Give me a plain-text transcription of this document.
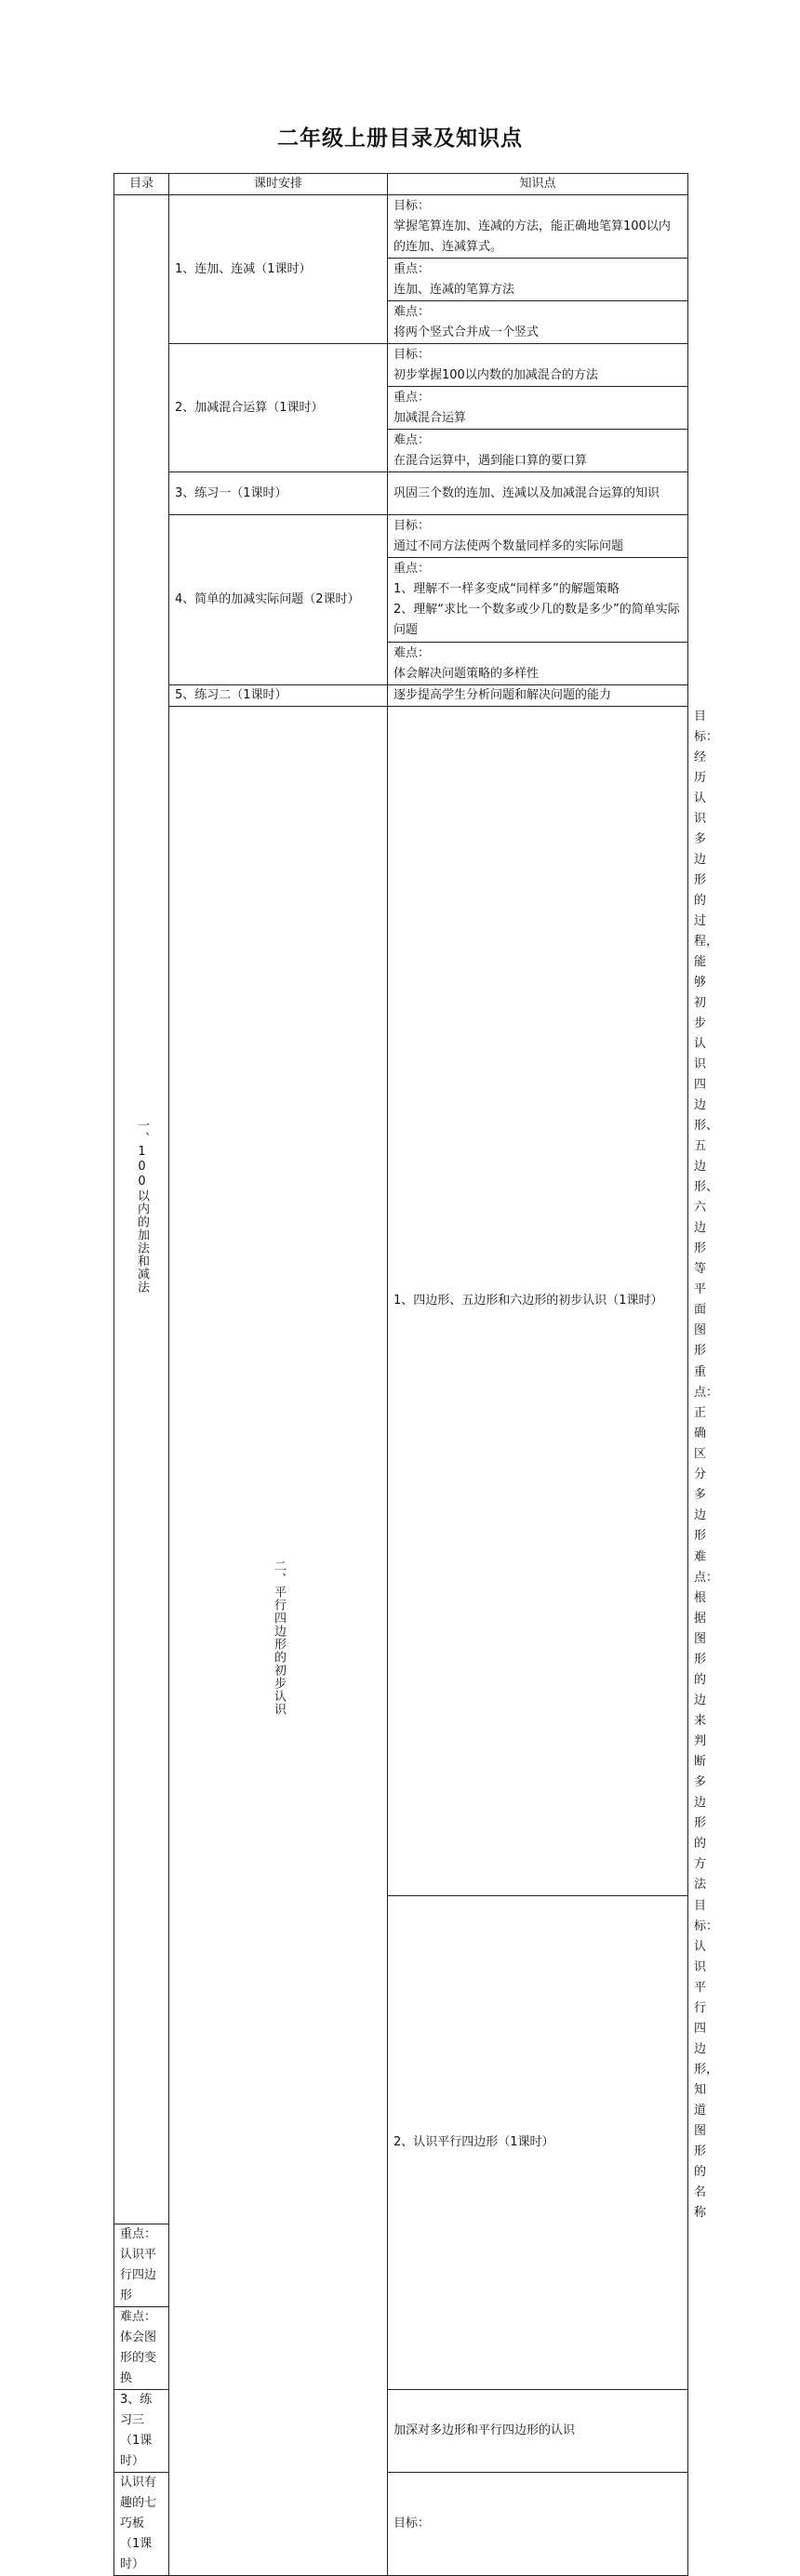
二年级上册目录及知识点
目录	课时安排	知识点	
一、100以内的加法和减法	1、连加、连减（1课时）	目标：
掌握笔算连加、连减的方法，能正确地笔算100以内的连加、连减算式。	

		重点：
连加、连减的笔算方法	

		难点：
将两个竖式合并成一个竖式	

	2、加减混合运算（1课时）	目标：
初步掌握100以内数的加减混合的方法	

		重点：
加减混合运算	

		难点：
在混合运算中，遇到能口算的要口算	

	3、练习一（1课时）	巩固三个数的连加、连减以及加减混合运算的知识	

	4、简单的加减实际问题（2课时）	目标：
通过不同方法使两个数量同样多的实际问题	

		重点：
1、理解不一样多变成“同样多”的解题策略
2、理解“求比一个数多或少几的数是多少”的简单实际问题	

		难点：
体会解决问题策略的多样性	

	5、练习二（1课时）	逐步提高学生分析问题和解决问题的能力	

	二、平行四边形的初步认识	1、四边形、五边形和六边形的初步认识（1课时）	目标：
经历认识多边形的过程，能够初步认识四边形、五边形、六边形等平面图形

			重点：
正确区分多边形

			难点：
根据图形的边来判断多边形的方法

		2、认识平行四边形（1课时）	目标：
认识平行四边形，知道图形的名称

重点：
认识平行四边形			

难点：
体会图形的变换			

3、练习三（1课时）		加深对多边形和平行四边形的认识	

认识有趣的七巧板（1课时）		目标：	
